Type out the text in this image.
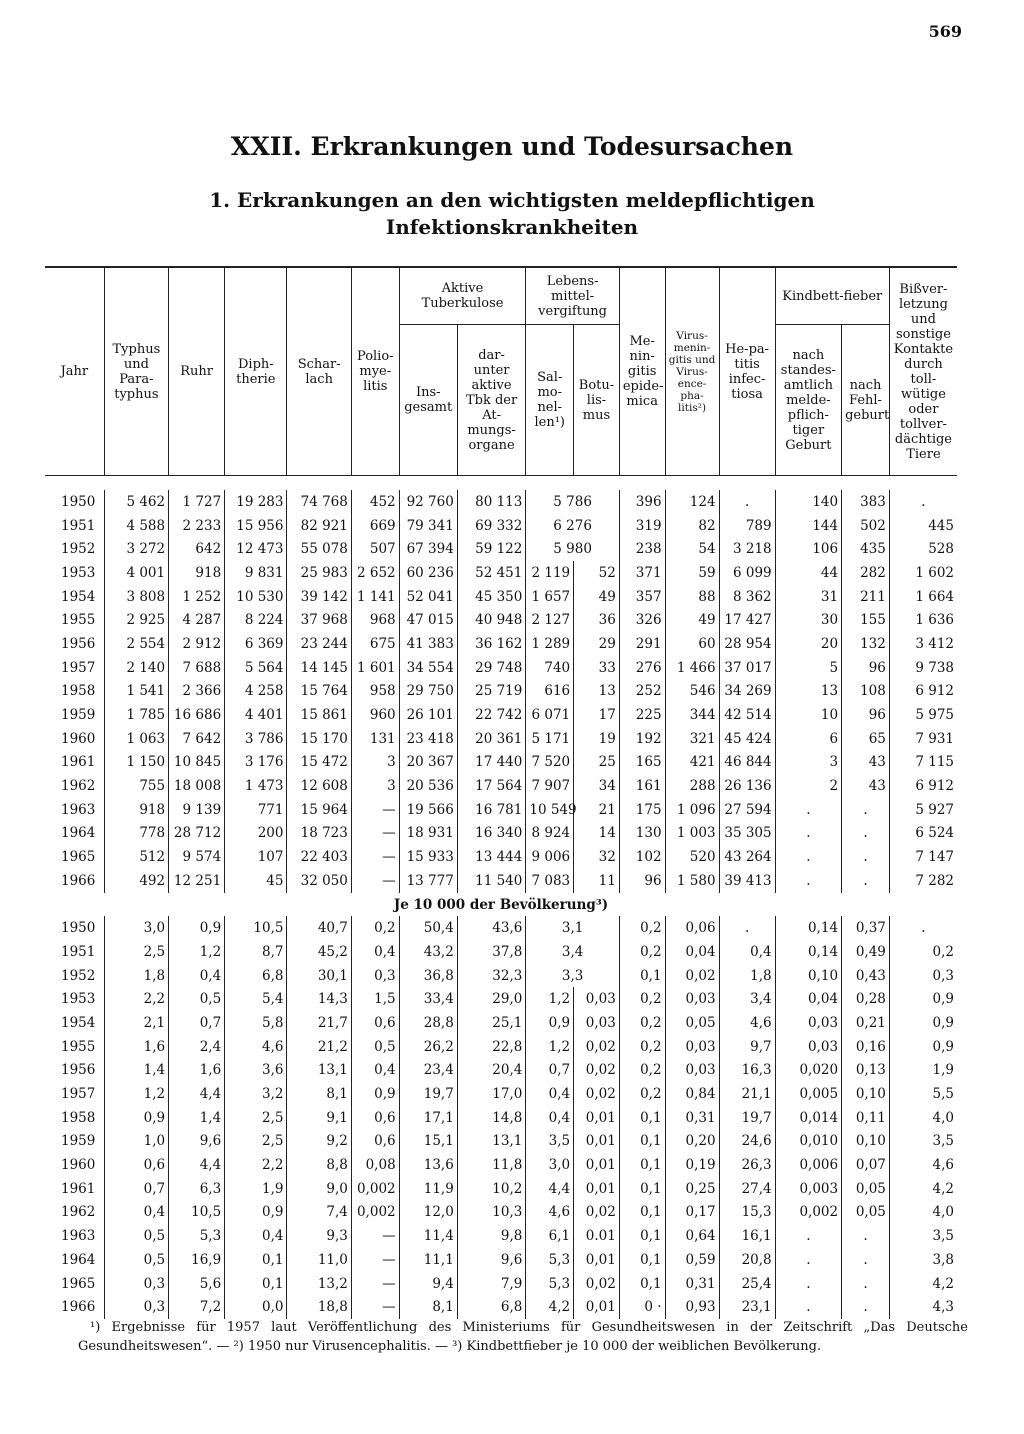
569
XXII. Erkrankungen und Todesursachen
1. Erkrankungen an den wichtigsten meldepflichtigen
Infektionskrankheiten

Jahr	Typhus und Para-typhus	Ruhr	Diph-therie	Schar-lach	Polio-mye-litis	Aktive Tuberkulose		Lebens-mittel-vergiftung		Me-nin-gitis epide-mica	Virus-menin-gitis und Virus-ence-pha-litis²)	He-pa-titis infec-tiosa	Kindbett-fieber		Bißver-letzung und sonstige Kontakte durch toll-wütige oder tollver-dächtige Tiere
						Ins-gesamt	dar-unter aktive Tbk der At-mungs-organe	Sal-mo-nel-len¹)	Botu-lis-mus				nach standes-amtlich melde-pflich-tiger Geburt	nach Fehl-geburt	

1950	5 462	1 727	19 283	74 768	452	92 760	80 113	5 786		396	124	.	140	383	.
1951	4 588	2 233	15 956	82 921	669	79 341	69 332	6 276		319	82	789	144	502	445
1952	3 272	642	12 473	55 078	507	67 394	59 122	5 980		238	54	3 218	106	435	528
1953	4 001	918	9 831	25 983	2 652	60 236	52 451	2 119	52	371	59	6 099	44	282	1 602
1954	3 808	1 252	10 530	39 142	1 141	52 041	45 350	1 657	49	357	88	8 362	31	211	1 664
1955	2 925	4 287	8 224	37 968	968	47 015	40 948	2 127	36	326	49	17 427	30	155	1 636
1956	2 554	2 912	6 369	23 244	675	41 383	36 162	1 289	29	291	60	28 954	20	132	3 412
1957	2 140	7 688	5 564	14 145	1 601	34 554	29 748	740	33	276	1 466	37 017	5	96	9 738
1958	1 541	2 366	4 258	15 764	958	29 750	25 719	616	13	252	546	34 269	13	108	6 912
1959	1 785	16 686	4 401	15 861	960	26 101	22 742	6 071	17	225	344	42 514	10	96	5 975
1960	1 063	7 642	3 786	15 170	131	23 418	20 361	5 171	19	192	321	45 424	6	65	7 931
1961	1 150	10 845	3 176	15 472	3	20 367	17 440	7 520	25	165	421	46 844	3	43	7 115
1962	755	18 008	1 473	12 608	3	20 536	17 564	7 907	34	161	288	26 136	2	43	6 912
1963	918	9 139	771	15 964	—	19 566	16 781	10 549	21	175	1 096	27 594	.	.	5 927
1964	778	28 712	200	18 723	—	18 931	16 340	8 924	14	130	1 003	35 305	.	.	6 524
1965	512	9 574	107	22 403	—	15 933	13 444	9 006	32	102	520	43 264	.	.	7 147
1966	492	12 251	45	32 050	—	13 777	11 540	7 083	11	96	1 580	39 413	.	.	7 282
Je 10 000 der Bevölkerung³)															
1950	3,0	0,9	10,5	40,7	0,2	50,4	43,6	3,1		0,2	0,06	.	0,14	0,37	.
1951	2,5	1,2	8,7	45,2	0,4	43,2	37,8	3,4		0,2	0,04	0,4	0,14	0,49	0,2
1952	1,8	0,4	6,8	30,1	0,3	36,8	32,3	3,3		0,1	0,02	1,8	0,10	0,43	0,3
1953	2,2	0,5	5,4	14,3	1,5	33,4	29,0	1,2	0,03	0,2	0,03	3,4	0,04	0,28	0,9
1954	2,1	0,7	5,8	21,7	0,6	28,8	25,1	0,9	0,03	0,2	0,05	4,6	0,03	0,21	0,9
1955	1,6	2,4	4,6	21,2	0,5	26,2	22,8	1,2	0,02	0,2	0,03	9,7	0,03	0,16	0,9
1956	1,4	1,6	3,6	13,1	0,4	23,4	20,4	0,7	0,02	0,2	0,03	16,3	0,020	0,13	1,9
1957	1,2	4,4	3,2	8,1	0,9	19,7	17,0	0,4	0,02	0,2	0,84	21,1	0,005	0,10	5,5
1958	0,9	1,4	2,5	9,1	0,6	17,1	14,8	0,4	0,01	0,1	0,31	19,7	0,014	0,11	4,0
1959	1,0	9,6	2,5	9,2	0,6	15,1	13,1	3,5	0,01	0,1	0,20	24,6	0,010	0,10	3,5
1960	0,6	4,4	2,2	8,8	0,08	13,6	11,8	3,0	0,01	0,1	0,19	26,3	0,006	0,07	4,6
1961	0,7	6,3	1,9	9,0	0,002	11,9	10,2	4,4	0,01	0,1	0,25	27,4	0,003	0,05	4,2
1962	0,4	10,5	0,9	7,4	0,002	12,0	10,3	4,6	0,02	0,1	0,17	15,3	0,002	0,05	4,0
1963	0,5	5,3	0,4	9,3	—	11,4	9,8	6,1	0.01	0,1	0,64	16,1	.	.	3,5
1964	0,5	16,9	0,1	11,0	—	11,1	9,6	5,3	0,01	0,1	0,59	20,8	.	.	3,8
1965	0,3	5,6	0,1	13,2	—	9,4	7,9	5,3	0,02	0,1	0,31	25,4	.	.	4,2
1966	0,3	7,2	0,0	18,8	—	8,1	6,8	4,2	0,01	0 ·	0,93	23,1	.	.	4,3
¹) Ergebnisse für 1957 laut Veröffentlichung des Ministeriums für Gesundheitswesen in der Zeitschrift „Das Deutsche Gesundheitswesen“. — ²) 1950 nur Virusencephalitis. — ³) Kindbettfieber je 10 000 der weiblichen Bevölkerung.
